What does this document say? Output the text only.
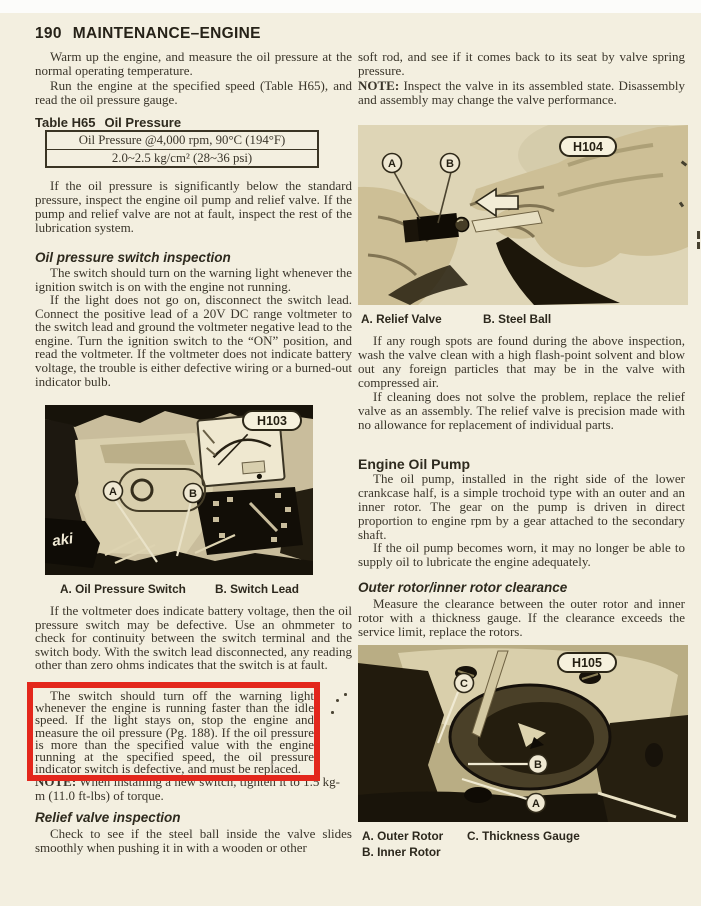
190 MAINTENANCE–ENGINE
Warm up the engine, and measure the oil pressure at the normal operating temperature.
Run the engine at the specified speed (Table H65), and read the oil pressure gauge.
Table H65 Oil Pressure
Oil Pressure @4,000 rpm, 90°C (194°F)
2.0~2.5 kg/cm² (28~36 psi)
If the oil pressure is significantly below the standard pressure, inspect the engine oil pump and relief valve. If the pump and relief valve are not at fault, inspect the rest of the lubrication system.
Oil pressure switch inspection
The switch should turn on the warning light whenever the ignition switch is on with the engine not running.
If the light does not go on, disconnect the switch lead. Connect the positive lead of a 20V DC range voltmeter to the switch lead and ground the voltmeter negative lead to the engine. Turn the ignition switch to the “ON” position, and read the voltmeter. If the voltmeter does not indicate battery voltage, the trouble is either defective wiring or a burned-out indicator bulb.
aki
A	B
H103
A. Oil Pressure Switch	B. Switch Lead
If the voltmeter does indicate battery voltage, then the oil pressure switch may be defective. Use an ohmmeter to check for continuity between the switch terminal and the switch body. With the switch lead disconnected, any reading other than zero ohms indicates that the switch is at fault.
The switch should turn off the warning light whenever the engine is running faster than the idle speed. If the light stays on, stop the engine and measure the oil pressure (Pg. 188). If the oil pressure is more than the specified value with the engine running at the specified speed, the oil pressure indicator switch is defective, and must be replaced.
NOTE: When installing a new switch, tighten it to 1.5 kg-m (11.0 ft-lbs) of torque.
Relief valve inspection
Check to see if the steel ball inside the valve slides smoothly when pushing it in with a wooden or other
soft rod, and see if it comes back to its seat by valve spring pressure.
NOTE: Inspect the valve in its assembled state. Disassembly and assembly may change the valve performance.
A	B
H104
A. Relief Valve	B. Steel Ball
If any rough spots are found during the above inspection, wash the valve clean with a high flash-point solvent and blow out any foreign particles that may be in the valve with compressed air.
If cleaning does not solve the problem, replace the relief valve as an assembly. The relief valve is precision made with no allowance for replacement of individual parts.
Engine Oil Pump
The oil pump, installed in the right side of the lower crankcase half, is a simple trochoid type with an outer and an inner rotor. The gear on the pump is driven in direct proportion to engine rpm by a gear attached to the secondary shaft.
If the oil pump becomes worn, it may no longer be able to supply oil to lubricate the engine adequately.
Outer rotor/inner rotor clearance
Measure the clearance between the outer rotor and inner rotor with a thickness gauge. If the clearance exceeds the service limit, replace the rotors.
C
B
A
H105
A. Outer Rotor
B. Inner Rotor
C. Thickness Gauge
